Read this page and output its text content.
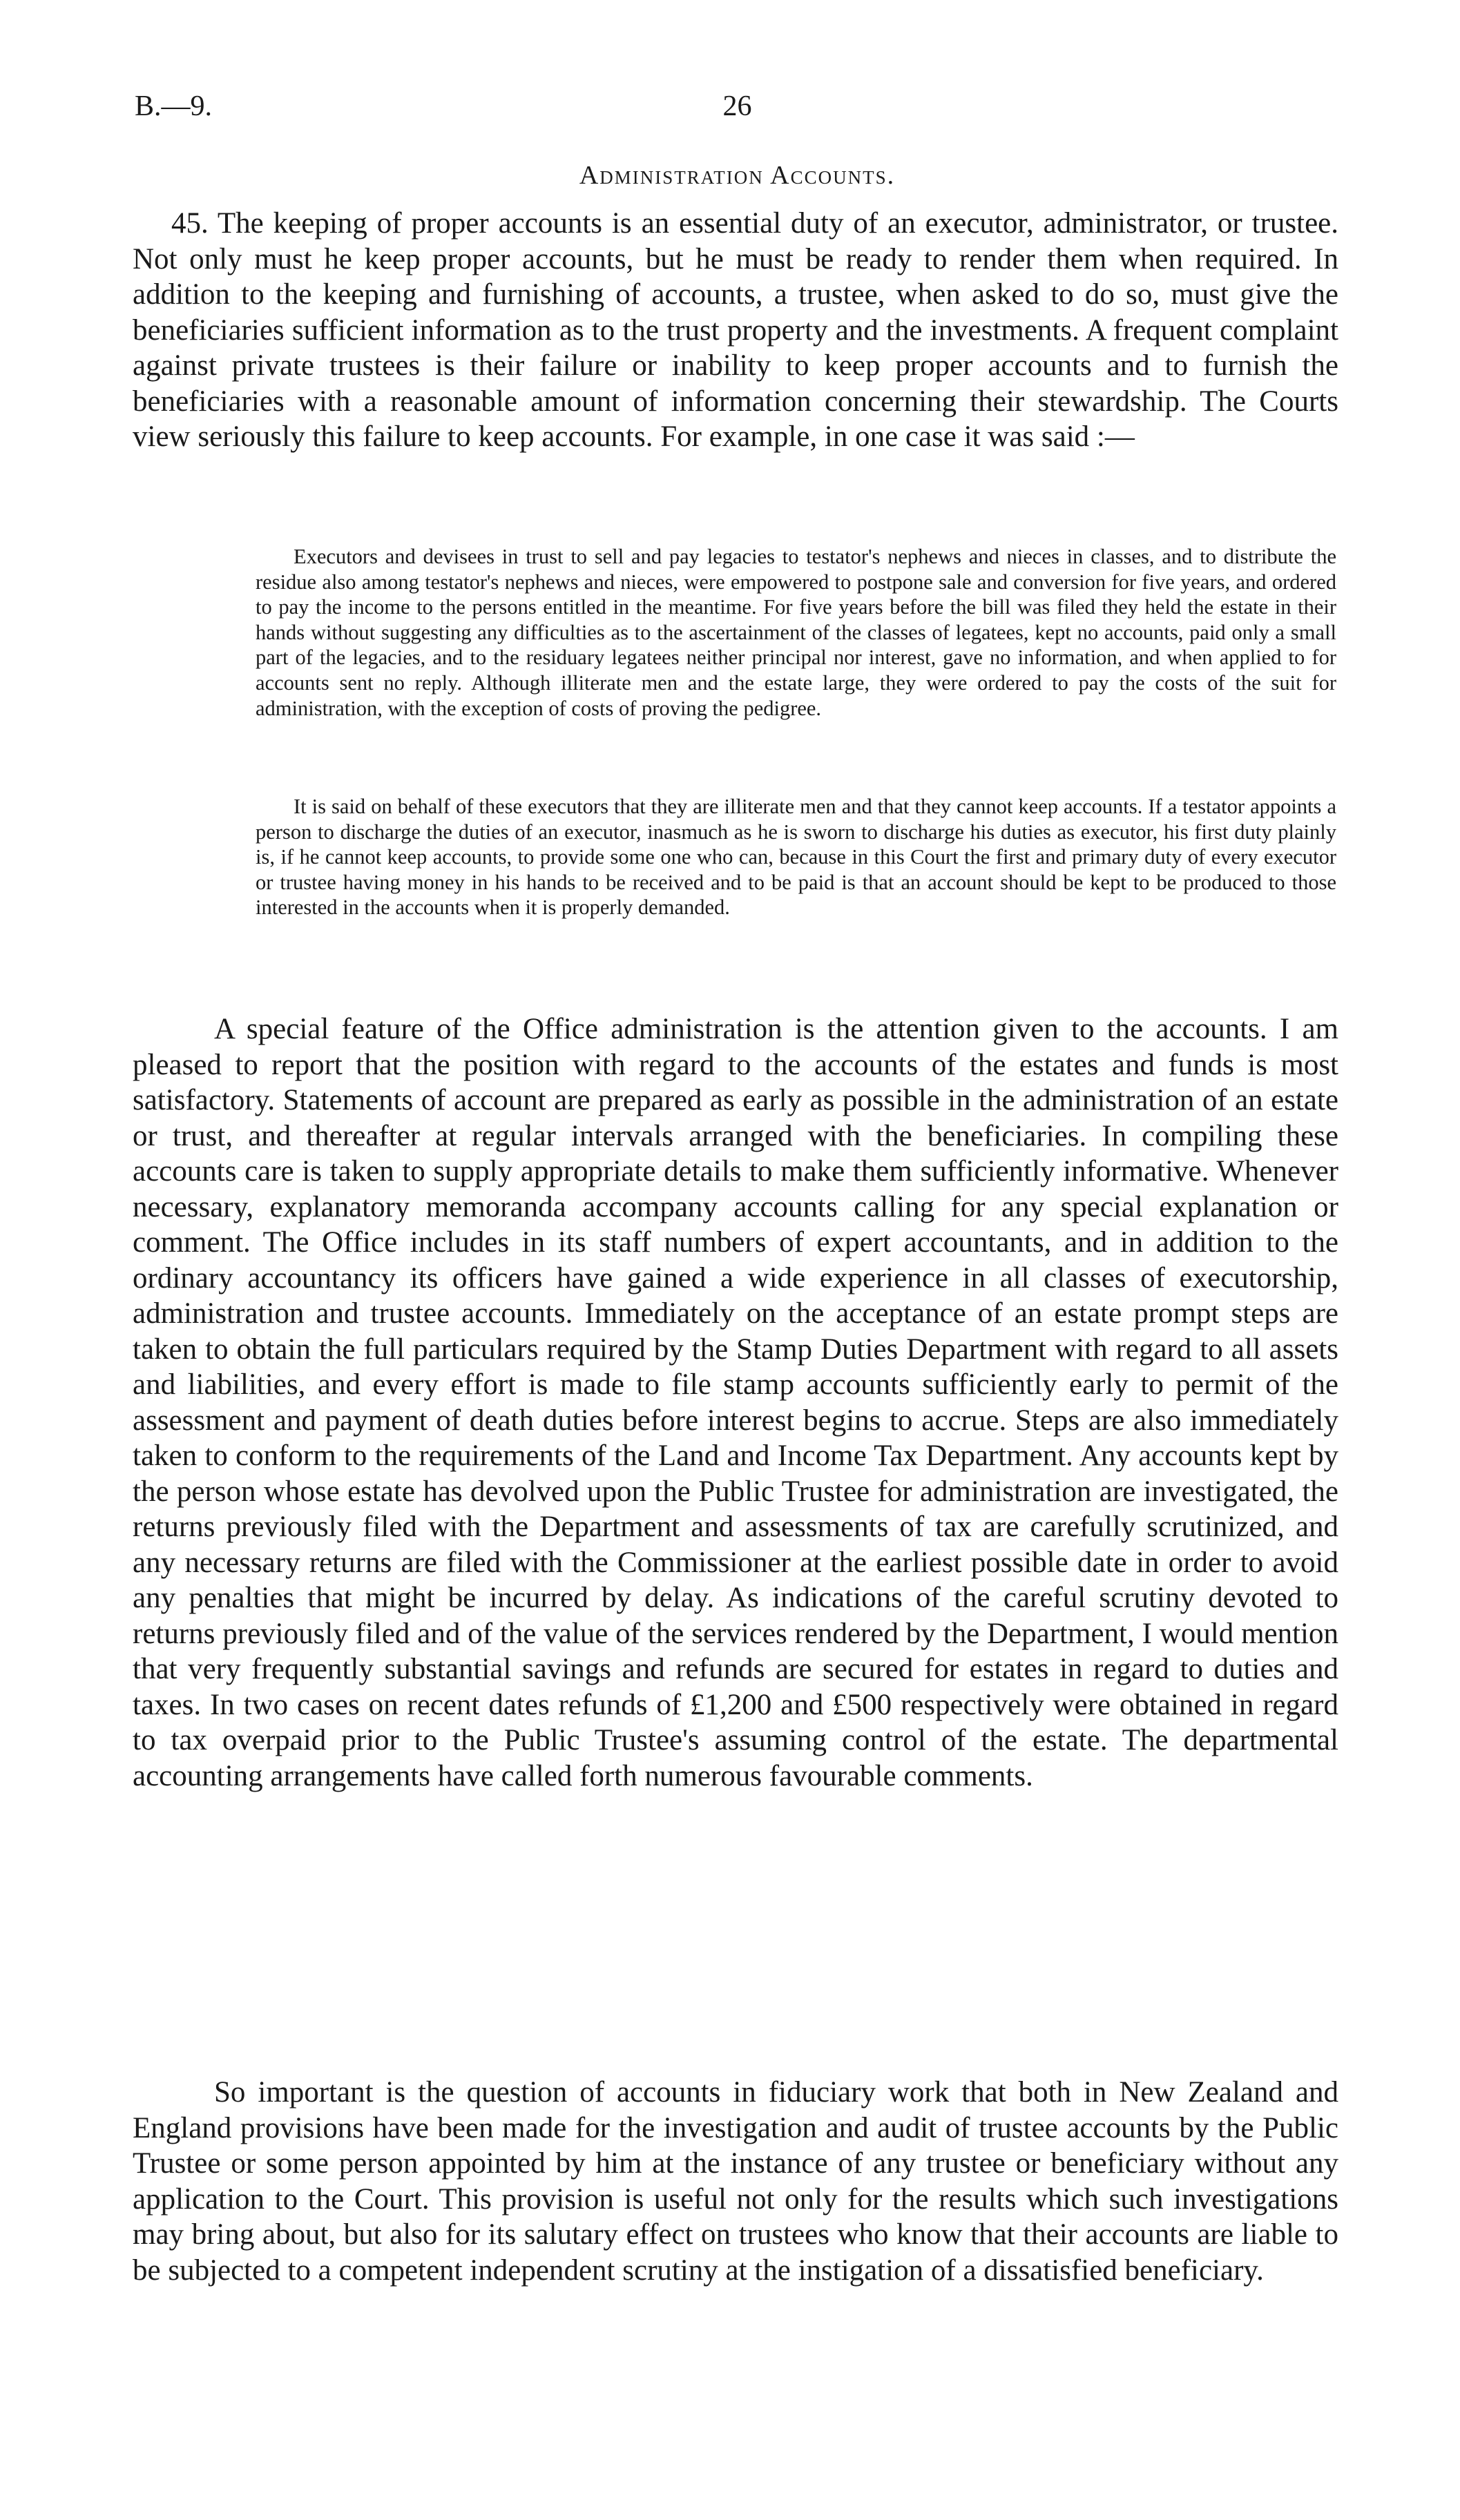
B.—9.	26
Administration Accounts.

45. The keeping of proper accounts is an essential duty of an executor, administrator, or trustee. Not only must he keep proper accounts, but he must be ready to render them when required. In addition to the keeping and furnishing of accounts, a trustee, when asked to do so, must give the beneficiaries sufficient information as to the trust property and the investments. A frequent complaint against private trustees is their failure or inability to keep proper accounts and to furnish the beneficiaries with a reasonable amount of information concerning their stewardship. The Courts view seriously this failure to keep accounts. For example, in one case it was said :—

Executors and devisees in trust to sell and pay legacies to testator's nephews and nieces in classes, and to distribute the residue also among testator's nephews and nieces, were empowered to postpone sale and conversion for five years, and ordered to pay the income to the persons entitled in the meantime. For five years before the bill was filed they held the estate in their hands without suggesting any difficulties as to the ascertainment of the classes of legatees, kept no accounts, paid only a small part of the legacies, and to the residuary legatees neither principal nor interest, gave no information, and when applied to for accounts sent no reply. Although illiterate men and the estate large, they were ordered to pay the costs of the suit for administration, with the exception of costs of proving the pedigree.

It is said on behalf of these executors that they are illiterate men and that they cannot keep accounts. If a testator appoints a person to discharge the duties of an executor, inasmuch as he is sworn to discharge his duties as executor, his first duty plainly is, if he cannot keep accounts, to provide some one who can, because in this Court the first and primary duty of every executor or trustee having money in his hands to be received and to be paid is that an account should be kept to be produced to those interested in the accounts when it is properly demanded.

A special feature of the Office administration is the attention given to the accounts. I am pleased to report that the position with regard to the accounts of the estates and funds is most satisfactory. Statements of account are prepared as early as possible in the administration of an estate or trust, and thereafter at regular intervals arranged with the beneficiaries. In compiling these accounts care is taken to supply appropriate details to make them sufficiently informative. Whenever necessary, explanatory memoranda accompany accounts calling for any special explanation or comment. The Office includes in its staff numbers of expert accountants, and in addition to the ordinary accountancy its officers have gained a wide experience in all classes of executorship, administration and trustee accounts. Immediately on the acceptance of an estate prompt steps are taken to obtain the full particulars required by the Stamp Duties Department with regard to all assets and liabilities, and every effort is made to file stamp accounts sufficiently early to permit of the assessment and payment of death duties before interest begins to accrue. Steps are also immediately taken to conform to the requirements of the Land and Income Tax Department. Any accounts kept by the person whose estate has devolved upon the Public Trustee for administration are investigated, the returns previously filed with the Department and assessments of tax are carefully scrutinized, and any necessary returns are filed with the Commissioner at the earliest possible date in order to avoid any penalties that might be incurred by delay. As indications of the careful scrutiny devoted to returns previously filed and of the value of the services rendered by the Department, I would mention that very frequently substantial savings and refunds are secured for estates in regard to duties and taxes. In two cases on recent dates refunds of £1,200 and £500 respectively were obtained in regard to tax overpaid prior to the Public Trustee's assuming control of the estate. The departmental accounting arrangements have called forth numerous favourable comments.

So important is the question of accounts in fiduciary work that both in New Zealand and England provisions have been made for the investigation and audit of trustee accounts by the Public Trustee or some person appointed by him at the instance of any trustee or beneficiary without any application to the Court. This provision is useful not only for the results which such investigations may bring about, but also for its salutary effect on trustees who know that their accounts are liable to be subjected to a competent independent scrutiny at the instigation of a dissatisfied beneficiary.
